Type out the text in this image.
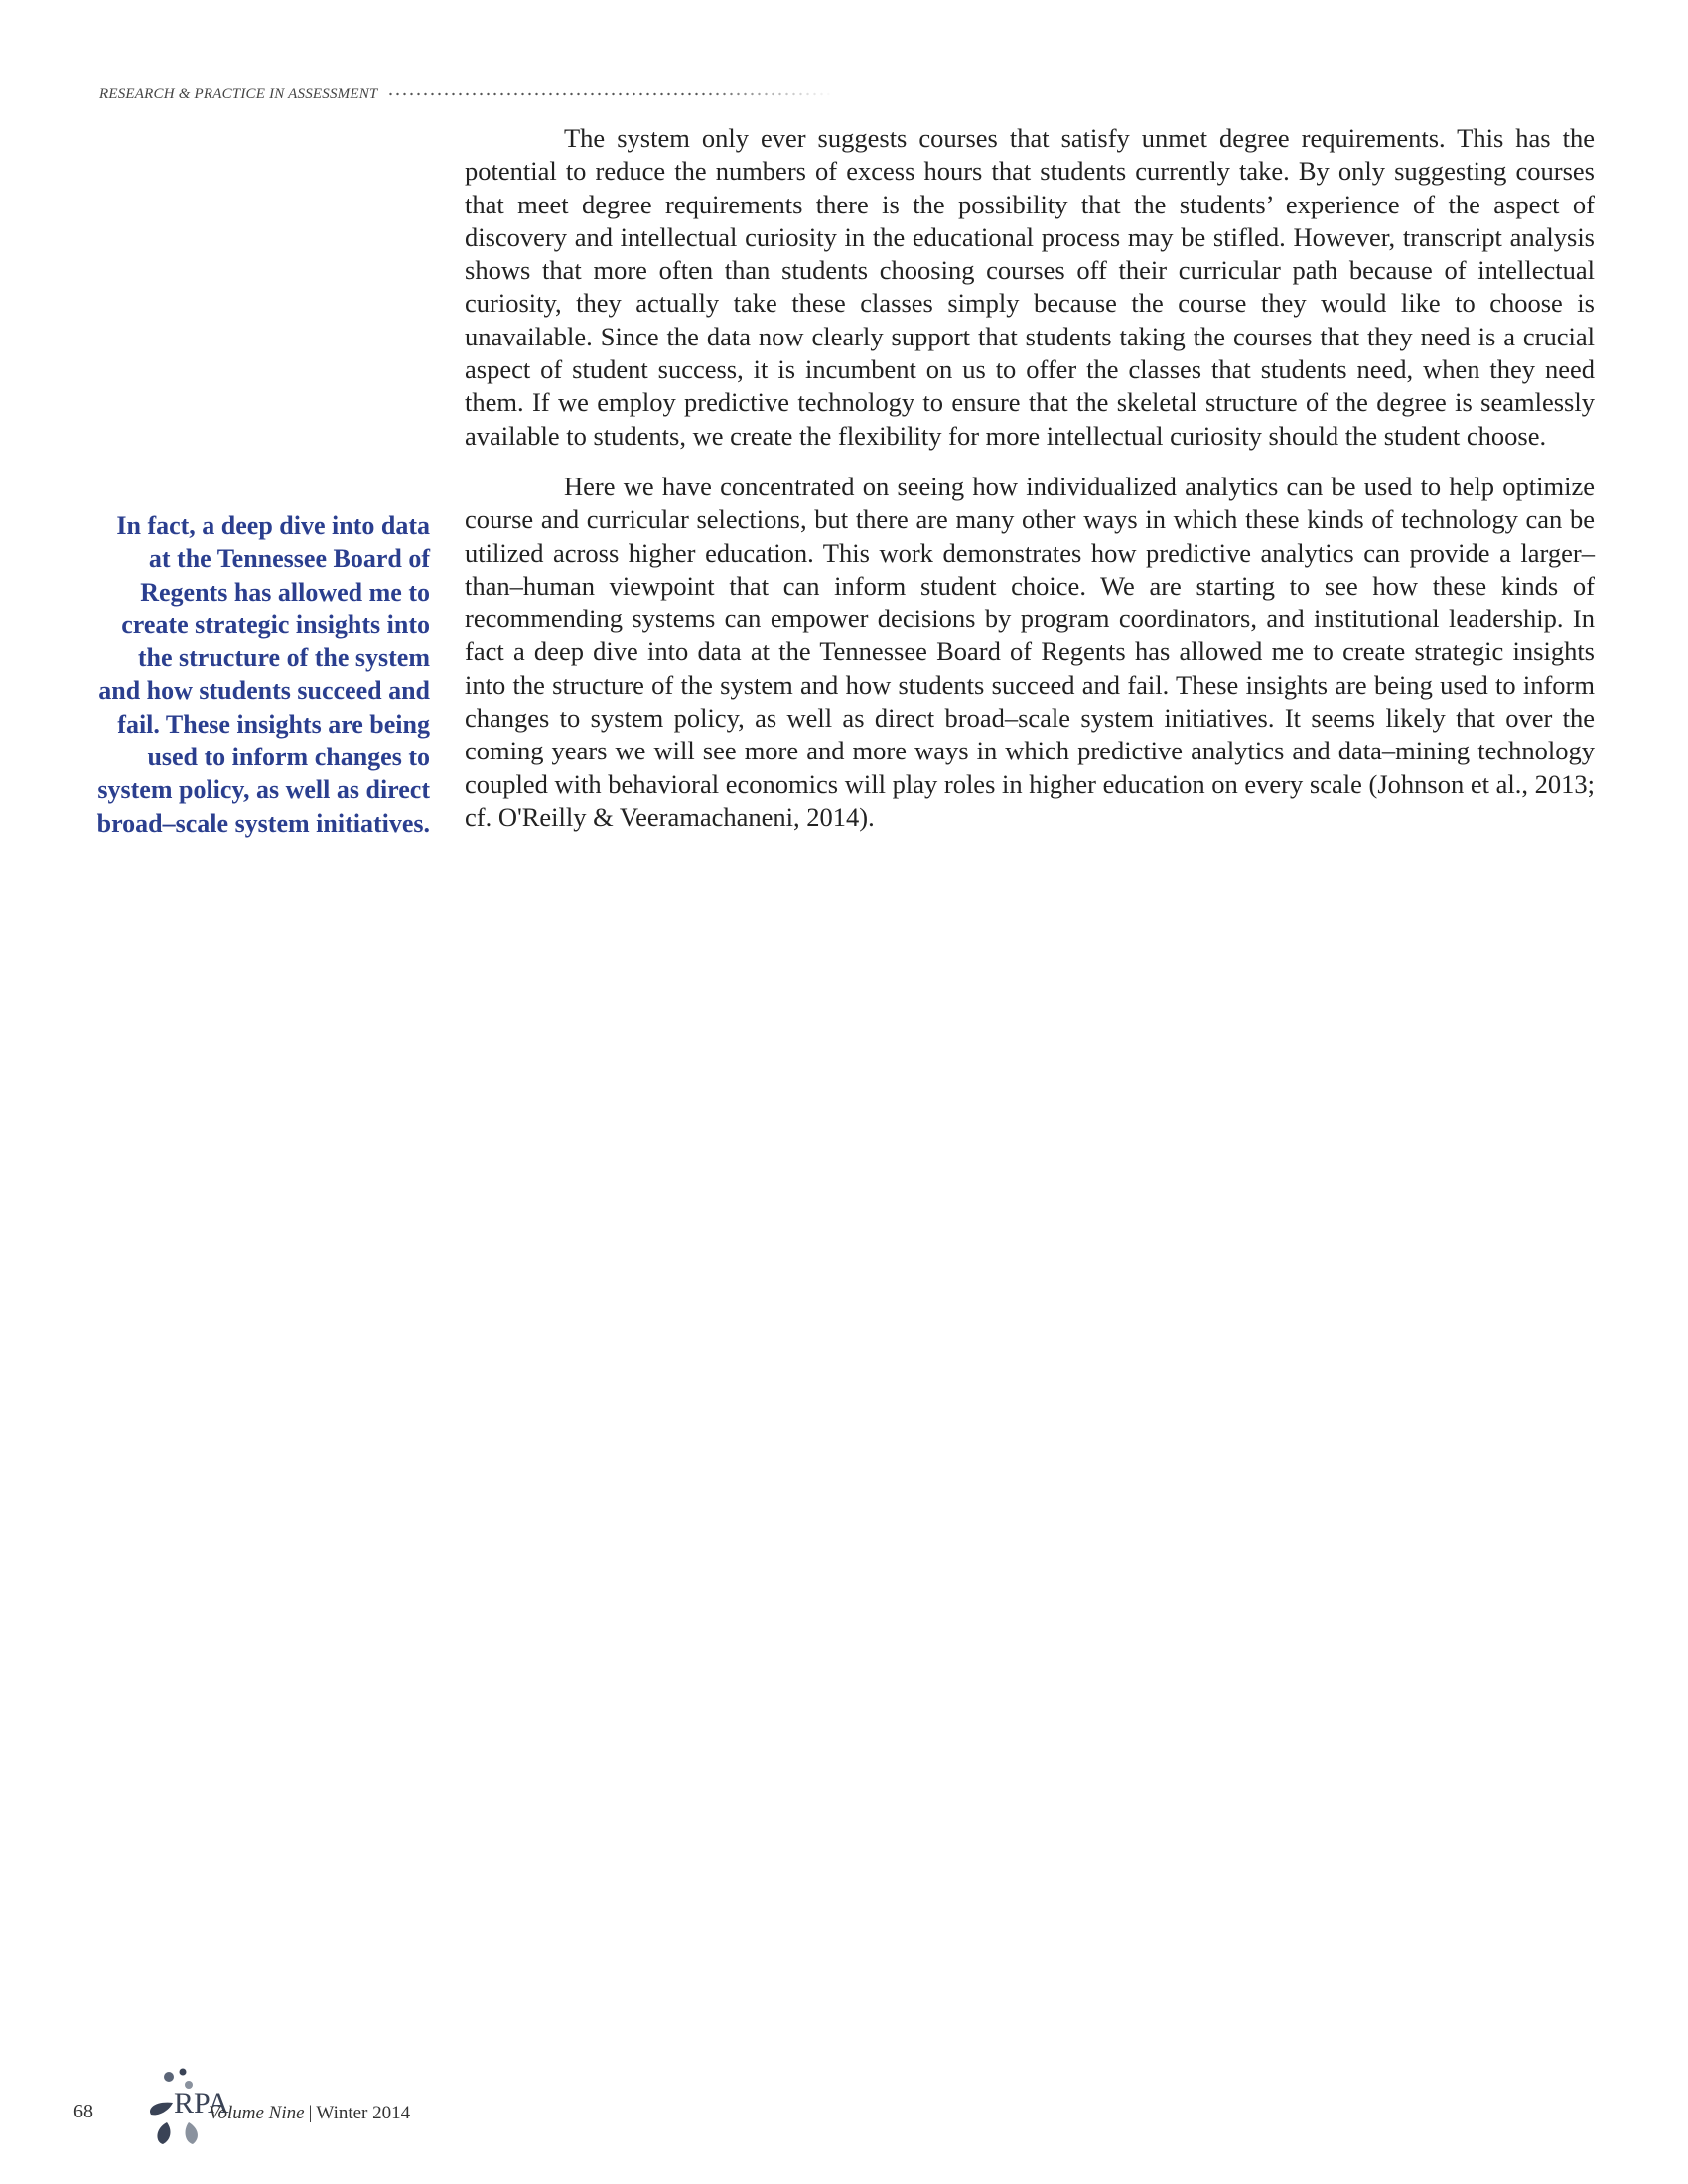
RESEARCH & PRACTICE IN ASSESSMENT

The system only ever suggests courses that satisfy unmet degree requirements. This has the potential to reduce the numbers of excess hours that students currently take. By only suggesting courses that meet degree requirements there is the possibility that the students’ experience of the aspect of discovery and intellectual curiosity in the educational process may be stifled. However, transcript analysis shows that more often than students choosing courses off their curricular path because of intellectual curiosity, they actually take these classes simply because the course they would like to choose is unavailable. Since the data now clearly support that students taking the courses that they need is a crucial aspect of student success, it is incumbent on us to offer the classes that students need, when they need them. If we employ predictive technology to ensure that the skeletal structure of the degree is seamlessly available to students, we create the flexibility for more intellectual curiosity should the student choose.

Here we have concentrated on seeing how individualized analytics can be used to help optimize course and curricular selections, but there are many other ways in which these kinds of technology can be utilized across higher education. This work demonstrates how predictive analytics can provide a larger–than–human viewpoint that can inform student choice. We are starting to see how these kinds of recommending systems can empower decisions by program coordinators, and institutional leadership. In fact a deep dive into data at the Tennessee Board of Regents has allowed me to create strategic insights into the structure of the system and how students succeed and fail. These insights are being used to inform changes to system policy, as well as direct broad–scale system initiatives. It seems likely that over the coming years we will see more and more ways in which predictive analytics and data–mining technology coupled with behavioral economics will play roles in higher education on every scale (Johnson et al., 2013; cf. O'Reilly & Veeramachaneni, 2014).

In fact, a deep dive into data at the Tennessee Board of Regents has allowed me to create strategic insights into the structure of the system and how students succeed and fail. These insights are being used to inform changes to system policy, as well as direct broad–scale system initiatives.
68	RPA
Volume Nine | Winter 2014
